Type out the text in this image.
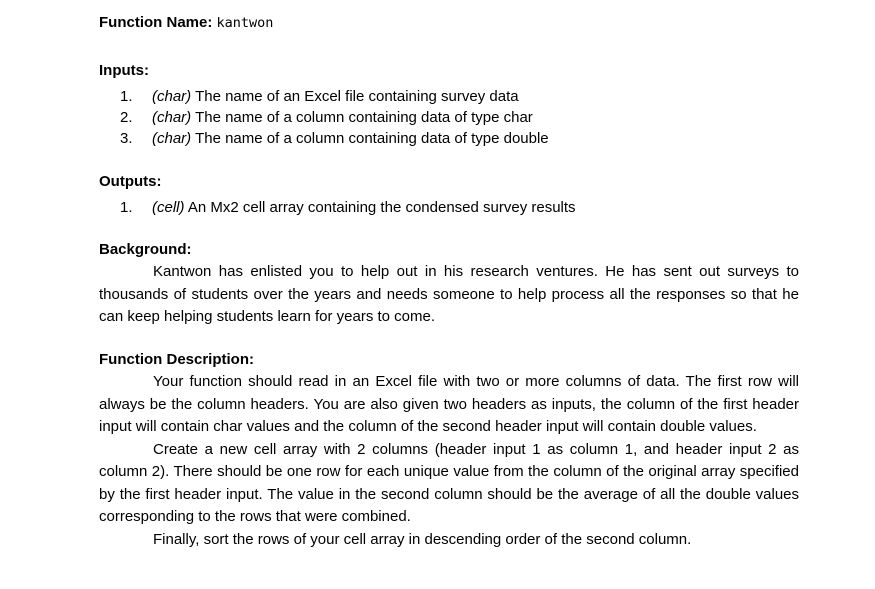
Function Name: kantwon

Inputs:

1. (char) The name of an Excel file containing survey data
2. (char) The name of a column containing data of type char
3. (char) The name of a column containing data of type double

Outputs:

1. (cell) An Mx2 cell array containing the condensed survey results

Background:

Kantwon has enlisted you to help out in his research ventures. He has sent out surveys to thousands of students over the years and needs someone to help process all the responses so that he can keep helping students learn for years to come.

Function Description:

Your function should read in an Excel file with two or more columns of data. The first row will always be the column headers. You are also given two headers as inputs, the column of the first header input will contain char values and the column of the second header input will contain double values.

Create a new cell array with 2 columns (header input 1 as column 1, and header input 2 as column 2). There should be one row for each unique value from the column of the original array specified by the first header input. The value in the second column should be the average of all the double values corresponding to the rows that were combined.

Finally, sort the rows of your cell array in descending order of the second column.
